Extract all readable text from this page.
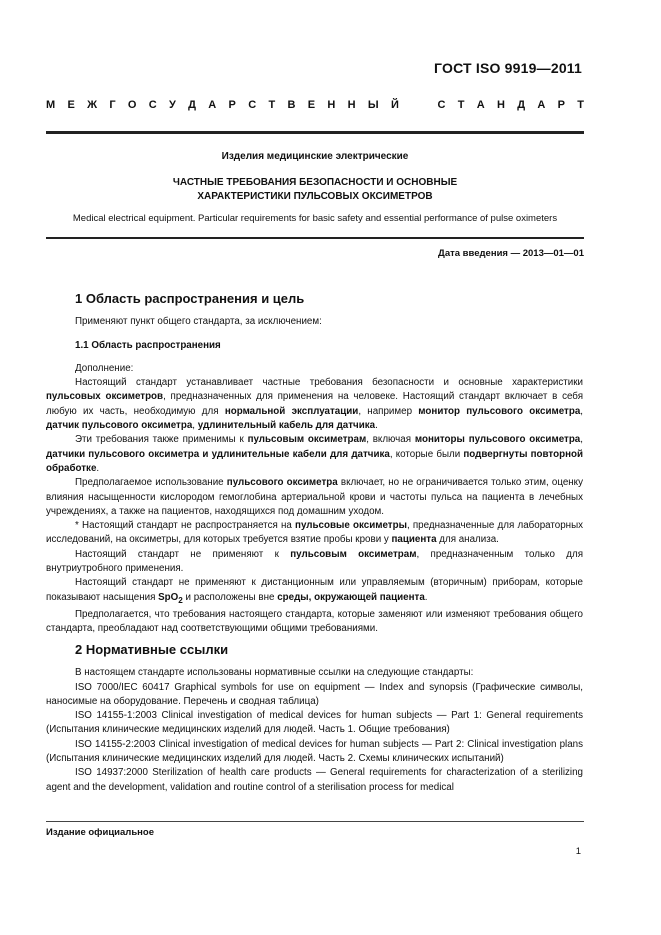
ГОСТ ISO 9919—2011
М Е Ж Г О С У Д А Р С Т В Е Н Н Ы Й	С Т А Н Д А Р Т
Изделия медицинские электрические
ЧАСТНЫЕ ТРЕБОВАНИЯ БЕЗОПАСНОСТИ И ОСНОВНЫЕ
ХАРАКТЕРИСТИКИ ПУЛЬСОВЫХ ОКСИМЕТРОВ
Medical electrical equipment. Particular requirements for basic safety and essential performance of pulse oximeters
Дата введения — 2013—01—01

1 Область распространения и цель

Применяют пункт общего стандарта, за исключением:

1.1 Область распространения

Дополнение:

Настоящий стандарт устанавливает частные требования безопасности и основные характеристики пульсовых оксиметров, предназначенных для применения на человеке. Настоящий стандарт включает в себя любую их часть, необходимую для нормальной эксплуатации, например монитор пульсового оксиметра, датчик пульсового оксиметра, удлинительный кабель для датчика.

Эти требования также применимы к пульсовым оксиметрам, включая мониторы пульсового оксиметра, датчики пульсового оксиметра и удлинительные кабели для датчика, которые были подвергнуты повторной обработке.

Предполагаемое использование пульсового оксиметра включает, но не ограничивается только этим, оценку влияния насыщенности кислородом гемоглобина артериальной крови и частоты пульса на пациента в лечебных учреждениях, а также на пациентов, находящихся под домашним уходом.

* Настоящий стандарт не распространяется на пульсовые оксиметры, предназначенные для лабораторных исследований, на оксиметры, для которых требуется взятие пробы крови у пациента для анализа.

Настоящий стандарт не применяют к пульсовым оксиметрам, предназначенным только для внутриутробного применения.

Настоящий стандарт не применяют к дистанционным или управляемым (вторичным) приборам, которые показывают насыщения SpO$_2$ и расположены вне среды, окружающей пациента.

Предполагается, что требования настоящего стандарта, которые заменяют или изменяют требования общего стандарта, преобладают над соответствующими общими требованиями.

2 Нормативные ссылки

В настоящем стандарте использованы нормативные ссылки на следующие стандарты:

ISO 7000/IEC 60417 Graphical symbols for use on equipment — Index and synopsis (Графические символы, наносимые на оборудование. Перечень и сводная таблица)

ISO 14155-1:2003 Clinical investigation of medical devices for human subjects — Part 1: General requirements (Испытания клинические медицинских изделий для людей. Часть 1. Общие требования)

ISO 14155-2:2003 Clinical investigation of medical devices for human subjects — Part 2: Clinical investigation plans (Испытания клинические медицинских изделий для людей. Часть 2. Схемы клинических испытаний)

ISO 14937:2000 Sterilization of health care products — General requirements for characterization of a sterilizing agent and the development, validation and routine control of a sterilisation process for medical

Издание официальное
1
